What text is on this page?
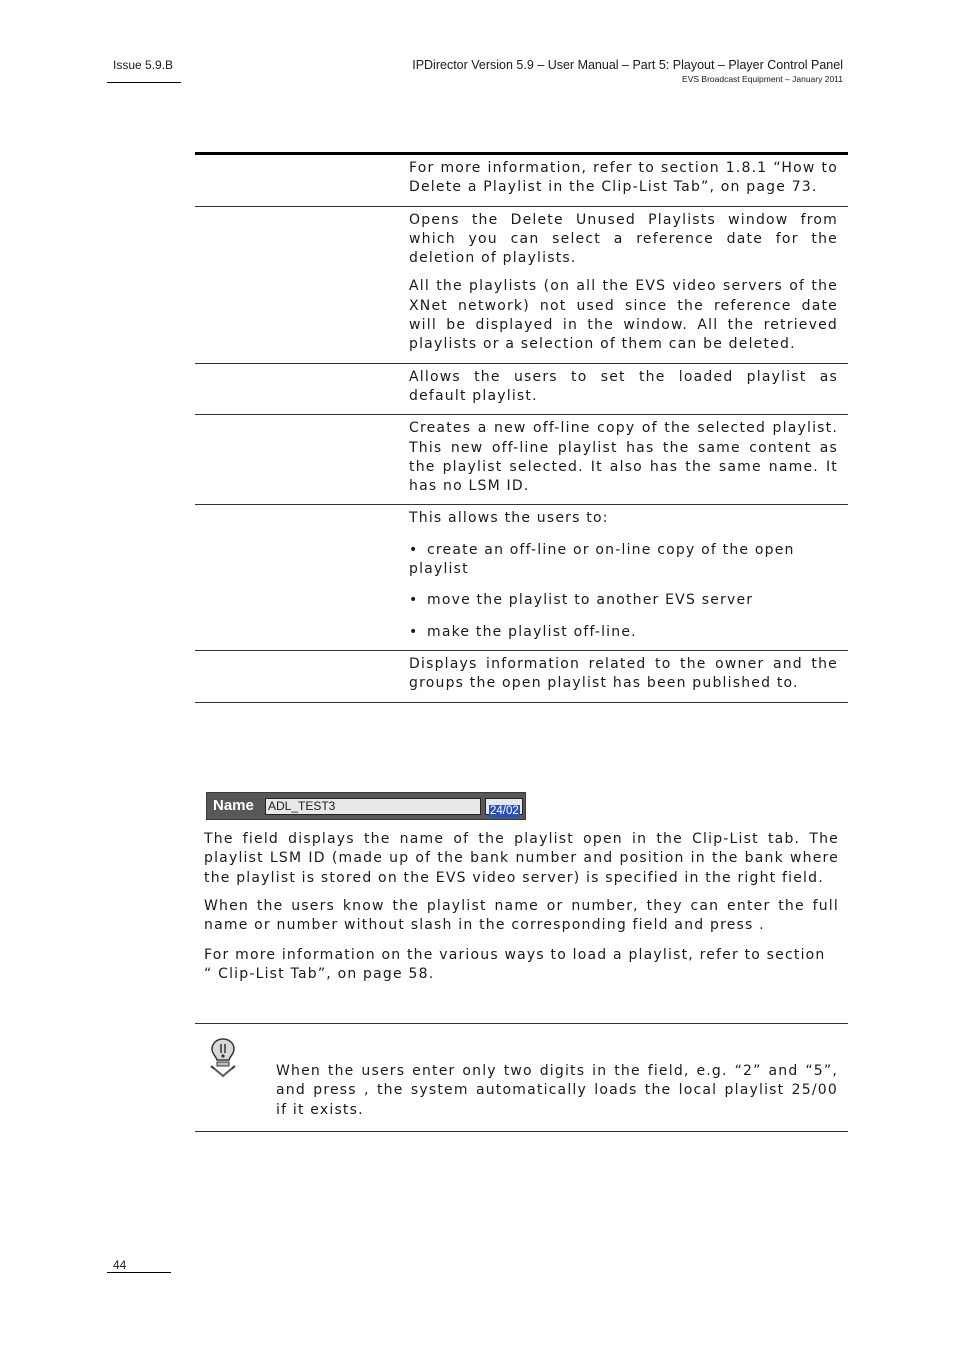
Issue 5.9.B	IPDirector Version 5.9 – User Manual – Part 5: Playout – Player Control Panel
EVS Broadcast Equipment – January 2011

For more information, refer to section 1.8.1 “How to Delete a Playlist in the Clip-List Tab”, on page 73.

Opens the Delete Unused Playlists window from which you can select a reference date for the deletion of playlists.

All the playlists (on all the EVS video servers of the XNet network) not used since the reference date will be displayed in the window. All the retrieved playlists or a selection of them can be deleted.

Allows the users to set the loaded playlist as default playlist.

Creates a new off-line copy of the selected playlist. This new off-line playlist has the same content as the playlist selected. It also has the same name. It has no LSM ID.

This allows the users to:

• create an off-line or on-line copy of the open playlist
• move the playlist to another EVS server
• make the playlist off-line.

Displays information related to the owner and the groups the open playlist has been published to.

Name ADL_TEST3	24/02

The field displays the name of the playlist open in the Clip-List tab. The playlist LSM ID (made up of the bank number and position in the bank where the playlist is stored on the EVS video server) is specified in the right field.

When the users know the playlist name or number, they can enter the full name or number without slash in the corresponding field and press .

For more information on the various ways to load a playlist, refer to section “ Clip-List Tab”, on page 58.

When the users enter only two digits in the field, e.g. “2” and “5”, and press , the system automatically loads the local playlist 25/00 if it exists.

44
